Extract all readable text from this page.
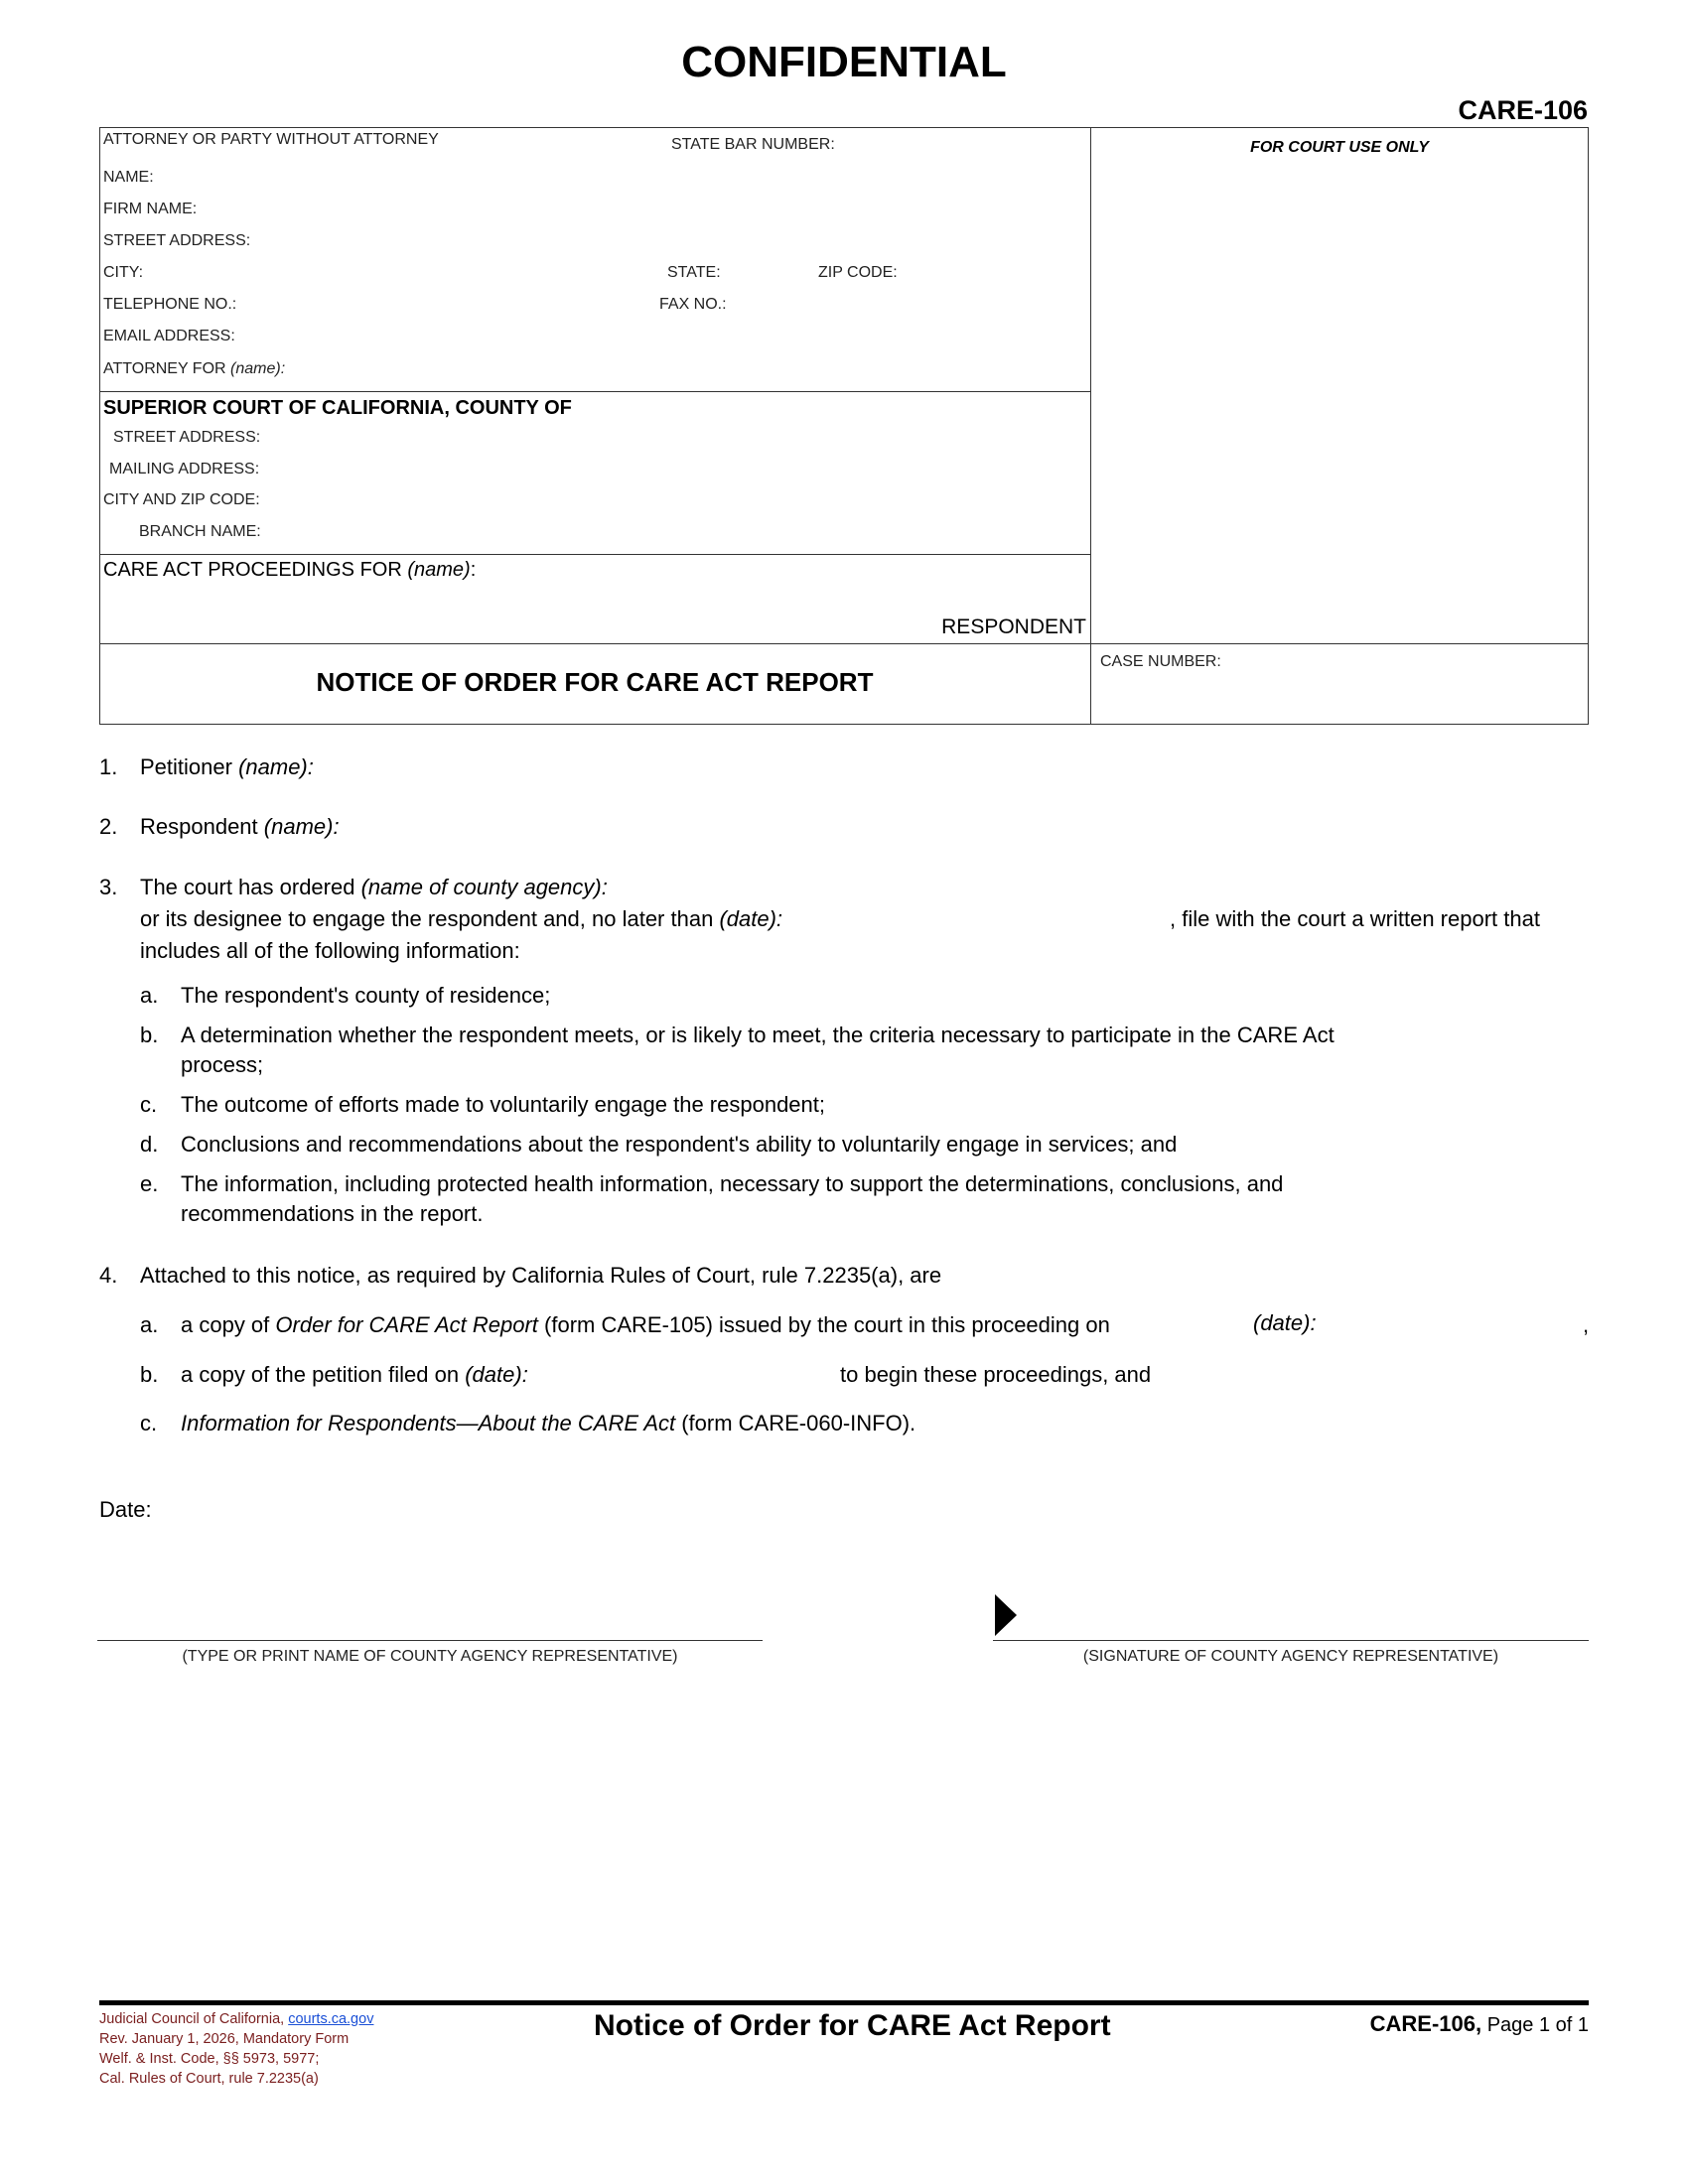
CONFIDENTIAL
CARE-106
ATTORNEY OR PARTY WITHOUT ATTORNEY	STATE BAR NUMBER:
NAME:
FIRM NAME:
STREET ADDRESS:
CITY:	STATE:	ZIP CODE:
TELEPHONE NO.:	FAX NO.:
EMAIL ADDRESS:
ATTORNEY FOR (name):
FOR COURT USE ONLY
SUPERIOR COURT OF CALIFORNIA, COUNTY OF
STREET ADDRESS:
MAILING ADDRESS:
CITY AND ZIP CODE:
BRANCH NAME:
CARE ACT PROCEEDINGS FOR (name):
RESPONDENT
NOTICE OF ORDER FOR CARE ACT REPORT
CASE NUMBER:
1. Petitioner (name):
2. Respondent (name):
3. The court has ordered (name of county agency):
or its designee to engage the respondent and, no later than (date):	, file with the court a written report that
includes all of the following information:
a. The respondent's county of residence;
b. A determination whether the respondent meets, or is likely to meet, the criteria necessary to participate in the CARE Act
process;
c. The outcome of efforts made to voluntarily engage the respondent;
d. Conclusions and recommendations about the respondent's ability to voluntarily engage in services; and
e. The information, including protected health information, necessary to support the determinations, conclusions, and
recommendations in the report.
4. Attached to this notice, as required by California Rules of Court, rule 7.2235(a), are
a. a copy of Order for CARE Act Report (form CARE-105) issued by the court in this proceeding on	(date):	,
b. a copy of the petition filed on (date):	to begin these proceedings, and
c. Information for Respondents—About the CARE Act (form CARE-060-INFO).
Date:
(TYPE OR PRINT NAME OF COUNTY AGENCY REPRESENTATIVE)	(SIGNATURE OF COUNTY AGENCY REPRESENTATIVE)
Judicial Council of California, courts.ca.gov
Rev. January 1, 2026, Mandatory Form
Welf. & Inst. Code, §§ 5973, 5977;
Cal. Rules of Court, rule 7.2235(a)
Notice of Order for CARE Act Report	CARE-106, Page 1 of 1
